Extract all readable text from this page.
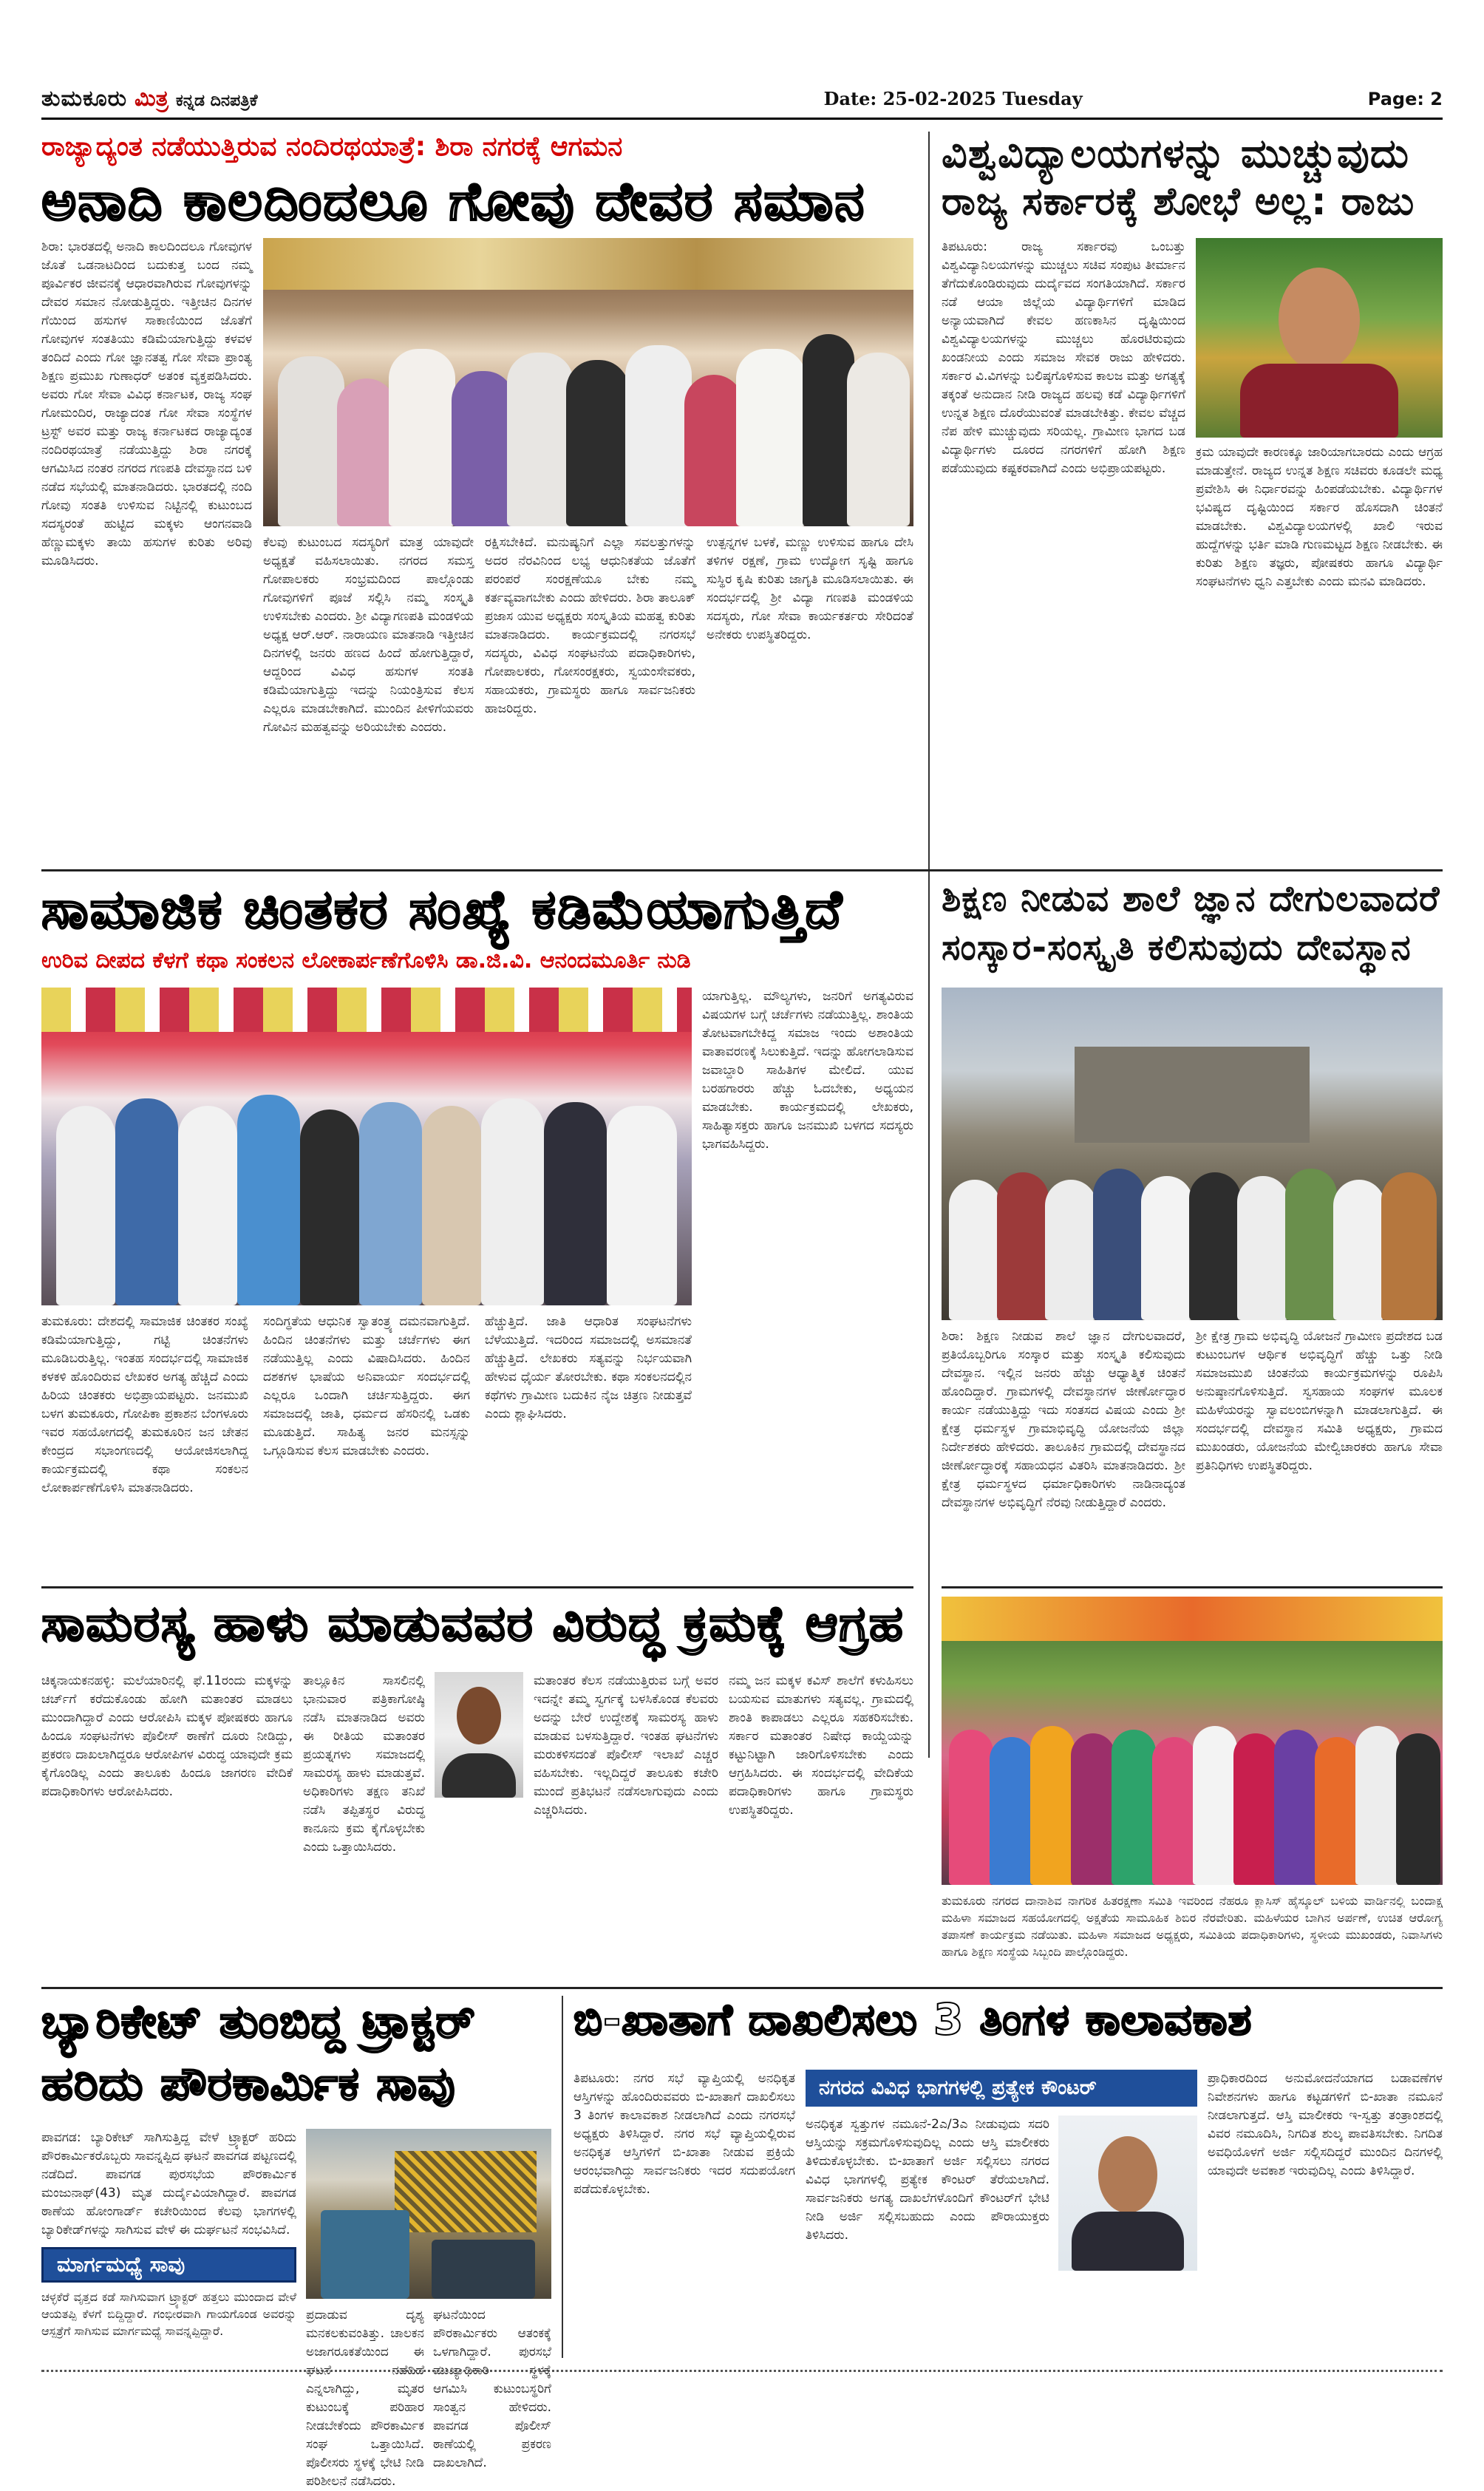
ತುಮಕೂರು ಮಿತ್ರ ಕನ್ನಡ ದಿನಪತ್ರಿಕೆ	Date: 25-02-2025 Tuesday	Page: 2
ರಾಜ್ಯಾದ್ಯಂತ ನಡೆಯುತ್ತಿರುವ ನಂದಿರಥಯಾತ್ರೆ: ಶಿರಾ ನಗರಕ್ಕೆ ಆಗಮನ
ಅನಾದಿ ಕಾಲದಿಂದಲೂ ಗೋವು ದೇವರ ಸಮಾನ
ಶಿರಾ: ಭಾರತದಲ್ಲಿ ಅನಾದಿ ಕಾಲದಿಂದಲೂ ಗೋವುಗಳ ಜೊತೆ ಒಡನಾಟದಿಂದ ಬದುಕುತ್ತ ಬಂದ ನಮ್ಮ ಪೂರ್ವಿಕರ ಜೀವನಕ್ಕೆ ಆಧಾರವಾಗಿರುವ ಗೋವುಗಳನ್ನು ದೇವರ ಸಮಾನ ನೋಡುತ್ತಿದ್ದರು. ಇತ್ತೀಚಿನ ದಿನಗಳ ಗೆಯಿಂದ ಹಸುಗಳ ಸಾಕಾಣಿಯಿಂದ ಜೊತೆಗೆ ಗೋವುಗಳ ಸಂತತಿಯು ಕಡಿಮೆಯಾಗುತ್ತಿದ್ದು ಕಳವಳ ತಂದಿದೆ ಎಂದು ಗೋ ಜ್ಞಾನತತ್ವ ಗೋ ಸೇವಾ ಪ್ರಾಂತ್ಯ ಶಿಕ್ಷಣ ಪ್ರಮುಖ ಗುಣಾಧರ್ ಅತಂಕ ವ್ಯಕ್ತಪಡಿಸಿದರು. ಅವರು ಗೋ ಸೇವಾ ವಿವಿಧ ಕರ್ನಾಟಕ, ರಾಜ್ಯ ಸಂಘ ಗೋಮಂದಿರ, ರಾಜ್ಯಾದಂತ ಗೋ ಸೇವಾ ಸಂಸ್ಥೆಗಳ ಟ್ರಸ್ಟ್ ಅವರ ಮತ್ತು ರಾಜ್ಯ ಕರ್ನಾಟಕದ ರಾಜ್ಯಾದ್ಯಂತ ನಂದಿರಥಯಾತ್ರೆ ನಡೆಯುತ್ತಿದ್ದು ಶಿರಾ ನಗರಕ್ಕೆ ಆಗಮಿಸಿದ ನಂತರ ನಗರದ ಗಣಪತಿ ದೇವಸ್ಥಾನದ ಬಳಿ ನಡೆದ ಸಭೆಯಲ್ಲಿ ಮಾತನಾಡಿದರು. ಭಾರತದಲ್ಲಿ ನಂದಿ ಗೋವು ಸಂತತಿ ಉಳಿಸುವ ನಿಟ್ಟಿನಲ್ಲಿ ಕುಟುಂಬದ ಸದಸ್ಯರಂತೆ ಹುಟ್ಟಿದ ಮಕ್ಕಳು ಆಂಗನವಾಡಿ ಹೆಣ್ಣುಮಕ್ಕಳು ತಾಯಿ ಹಸುಗಳ ಕುರಿತು ಅರಿವು ಮೂಡಿಸಿದರು.
ಕೆಲವು ಕುಟುಂಬದ ಸದಸ್ಯರಿಗೆ ಮಾತ್ರ ಯಾವುದೇ ಅಧ್ಯಕ್ಷತೆ ವಹಿಸಲಾಯಿತು. ನಗರದ ಸಮಸ್ತ ಗೋಪಾಲಕರು ಸಂಭ್ರಮದಿಂದ ಪಾಲ್ಗೊಂಡು ಗೋವುಗಳಿಗೆ ಪೂಜೆ ಸಲ್ಲಿಸಿ ನಮ್ಮ ಸಂಸ್ಕೃತಿ ಉಳಿಸಬೇಕು ಎಂದರು. ಶ್ರೀ ವಿದ್ಯಾಗಣಪತಿ ಮಂಡಳಿಯ ಅಧ್ಯಕ್ಷ ಆರ್.ಆರ್. ನಾರಾಯಣ ಮಾತನಾಡಿ ಇತ್ತೀಚಿನ ದಿನಗಳಲ್ಲಿ ಜನರು ಹಣದ ಹಿಂದೆ ಹೋಗುತ್ತಿದ್ದಾರೆ, ಆದ್ದರಿಂದ ವಿವಿಧ ಹಸುಗಳ ಸಂತತಿ ಕಡಿಮೆಯಾಗುತ್ತಿದ್ದು ಇದನ್ನು ನಿಯಂತ್ರಿಸುವ ಕೆಲಸ ಎಲ್ಲರೂ ಮಾಡಬೇಕಾಗಿದೆ. ಮುಂದಿನ ಪೀಳಿಗೆಯವರು ಗೋವಿನ ಮಹತ್ವವನ್ನು ಅರಿಯಬೇಕು ಎಂದರು.
ರಕ್ಷಿಸಬೇಕಿದೆ. ಮನುಷ್ಯನಿಗೆ ಎಲ್ಲಾ ಸವಲತ್ತುಗಳನ್ನು ಅದರ ನೆರವಿನಿಂದ ಲಭ್ಯ ಆಧುನಿಕತೆಯ ಜೊತೆಗೆ ಪರಂಪರೆ ಸಂರಕ್ಷಣೆಯೂ ಬೇಕು ನಮ್ಮ ಕರ್ತವ್ಯವಾಗಬೇಕು ಎಂದು ಹೇಳಿದರು. ಶಿರಾ ತಾಲೂಕ್ ಪ್ರಜಾಸ ಯುವ ಅಧ್ಯಕ್ಷರು ಸಂಸ್ಕೃತಿಯ ಮಹತ್ವ ಕುರಿತು ಮಾತನಾಡಿದರು. ಕಾರ್ಯಕ್ರಮದಲ್ಲಿ ನಗರಸಭೆ ಸದಸ್ಯರು, ವಿವಿಧ ಸಂಘಟನೆಯ ಪದಾಧಿಕಾರಿಗಳು, ಗೋಪಾಲಕರು, ಗೋಸಂರಕ್ಷಕರು, ಸ್ವಯಂಸೇವಕರು, ಸಹಾಯಕರು, ಗ್ರಾಮಸ್ಥರು ಹಾಗೂ ಸಾರ್ವಜನಿಕರು ಹಾಜರಿದ್ದರು.
ಉತ್ಪನ್ನಗಳ ಬಳಕೆ, ಮಣ್ಣು ಉಳಿಸುವ ಹಾಗೂ ದೇಸಿ ತಳಿಗಳ ರಕ್ಷಣೆ, ಗ್ರಾಮ ಉದ್ಯೋಗ ಸೃಷ್ಟಿ ಹಾಗೂ ಸುಸ್ಥಿರ ಕೃಷಿ ಕುರಿತು ಜಾಗೃತಿ ಮೂಡಿಸಲಾಯಿತು. ಈ ಸಂದರ್ಭದಲ್ಲಿ ಶ್ರೀ ವಿದ್ಯಾ ಗಣಪತಿ ಮಂಡಳಿಯ ಸದಸ್ಯರು, ಗೋ ಸೇವಾ ಕಾರ್ಯಕರ್ತರು ಸೇರಿದಂತೆ ಅನೇಕರು ಉಪಸ್ಥಿತರಿದ್ದರು.
ವಿಶ್ವವಿದ್ಯಾಲಯಗಳನ್ನು ಮುಚ್ಚುವುದು
ರಾಜ್ಯ ಸರ್ಕಾರಕ್ಕೆ ಶೋಭೆ ಅಲ್ಲ: ರಾಜು
ತಿಪಟೂರು: ರಾಜ್ಯ ಸರ್ಕಾರವು ಒಂಬತ್ತು ವಿಶ್ವವಿದ್ಯಾನಿಲಯಗಳನ್ನು ಮುಚ್ಚಲು ಸಚಿವ ಸಂಪುಟ ತೀರ್ಮಾನ ತೆಗೆದುಕೊಂಡಿರುವುದು ದುರ್ದೈವದ ಸಂಗತಿಯಾಗಿದೆ. ಸರ್ಕಾರ ನಡೆ ಆಯಾ ಜಿಲ್ಲೆಯ ವಿದ್ಯಾರ್ಥಿಗಳಿಗೆ ಮಾಡಿದ ಅನ್ಯಾಯವಾಗಿದೆ ಕೇವಲ ಹಣಕಾಸಿನ ದೃಷ್ಟಿಯಿಂದ ವಿಶ್ವವಿದ್ಯಾಲಯಗಳನ್ನು ಮುಚ್ಚಲು ಹೊರಟಿರುವುದು ಖಂಡನೀಯ ಎಂದು ಸಮಾಜ ಸೇವಕ ರಾಜು ಹೇಳಿದರು. ಸರ್ಕಾರ ವಿ.ವಿಗಳನ್ನು ಬಲಿಷ್ಠಗೊಳಿಸುವ ಕಾಲಜ ಮತ್ತು ಅಗತ್ಯಕ್ಕೆ ತಕ್ಕಂತೆ ಅನುದಾನ ನೀಡಿ ರಾಜ್ಯದ ಹಲವು ಕಡೆ ವಿದ್ಯಾರ್ಥಿಗಳಿಗೆ ಉನ್ನತ ಶಿಕ್ಷಣ ದೊರೆಯುವಂತೆ ಮಾಡಬೇಕಿತ್ತು. ಕೇವಲ ವೆಚ್ಚದ ನೆಪ ಹೇಳಿ ಮುಚ್ಚುವುದು ಸರಿಯಲ್ಲ. ಗ್ರಾಮೀಣ ಭಾಗದ ಬಡ ವಿದ್ಯಾರ್ಥಿಗಳು ದೂರದ ನಗರಗಳಿಗೆ ಹೋಗಿ ಶಿಕ್ಷಣ ಪಡೆಯುವುದು ಕಷ್ಟಕರವಾಗಿದೆ ಎಂದು ಅಭಿಪ್ರಾಯಪಟ್ಟರು.
ಕ್ರಮ ಯಾವುದೇ ಕಾರಣಕ್ಕೂ ಜಾರಿಯಾಗಬಾರದು ಎಂದು ಆಗ್ರಹ ಮಾಡುತ್ತೇನೆ. ರಾಜ್ಯದ ಉನ್ನತ ಶಿಕ್ಷಣ ಸಚಿವರು ಕೂಡಲೇ ಮಧ್ಯ ಪ್ರವೇಶಿಸಿ ಈ ನಿರ್ಧಾರವನ್ನು ಹಿಂಪಡೆಯಬೇಕು. ವಿದ್ಯಾರ್ಥಿಗಳ ಭವಿಷ್ಯದ ದೃಷ್ಟಿಯಿಂದ ಸರ್ಕಾರ ಹೊಸದಾಗಿ ಚಿಂತನೆ ಮಾಡಬೇಕು. ವಿಶ್ವವಿದ್ಯಾಲಯಗಳಲ್ಲಿ ಖಾಲಿ ಇರುವ ಹುದ್ದೆಗಳನ್ನು ಭರ್ತಿ ಮಾಡಿ ಗುಣಮಟ್ಟದ ಶಿಕ್ಷಣ ನೀಡಬೇಕು. ಈ ಕುರಿತು ಶಿಕ್ಷಣ ತಜ್ಞರು, ಪೋಷಕರು ಹಾಗೂ ವಿದ್ಯಾರ್ಥಿ ಸಂಘಟನೆಗಳು ಧ್ವನಿ ಎತ್ತಬೇಕು ಎಂದು ಮನವಿ ಮಾಡಿದರು.
ಸಾಮಾಜಿಕ ಚಿಂತಕರ ಸಂಖ್ಯೆ ಕಡಿಮೆಯಾಗುತ್ತಿದೆ
ಉರಿವ ದೀಪದ ಕೆಳಗೆ ಕಥಾ ಸಂಕಲನ ಲೋಕಾರ್ಪಣೆಗೊಳಿಸಿ ಡಾ.ಜಿ.ವಿ. ಆನಂದಮೂರ್ತಿ ನುಡಿ
ಯಾಗುತ್ತಿಲ್ಲ. ಮೌಲ್ಯಗಳು, ಜನರಿಗೆ ಅಗತ್ಯವಿರುವ ವಿಷಯಗಳ ಬಗ್ಗೆ ಚರ್ಚೆಗಳು ನಡೆಯುತ್ತಿಲ್ಲ. ಶಾಂತಿಯ ತೋಟವಾಗಬೇಕಿದ್ದ ಸಮಾಜ ಇಂದು ಅಶಾಂತಿಯ ವಾತಾವರಣಕ್ಕೆ ಸಿಲುಕುತ್ತಿದೆ. ಇದನ್ನು ಹೋಗಲಾಡಿಸುವ ಜವಾಬ್ದಾರಿ ಸಾಹಿತಿಗಳ ಮೇಲಿದೆ. ಯುವ ಬರಹಗಾರರು ಹೆಚ್ಚು ಓದಬೇಕು, ಅಧ್ಯಯನ ಮಾಡಬೇಕು. ಕಾರ್ಯಕ್ರಮದಲ್ಲಿ ಲೇಖಕರು, ಸಾಹಿತ್ಯಾಸಕ್ತರು ಹಾಗೂ ಜನಮುಖಿ ಬಳಗದ ಸದಸ್ಯರು ಭಾಗವಹಿಸಿದ್ದರು.
ತುಮಕೂರು: ದೇಶದಲ್ಲಿ ಸಾಮಾಜಿಕ ಚಿಂತಕರ ಸಂಖ್ಯೆ ಕಡಿಮೆಯಾಗುತ್ತಿದ್ದು, ಗಟ್ಟಿ ಚಿಂತನೆಗಳು ಮೂಡಿಬರುತ್ತಿಲ್ಲ. ಇಂತಹ ಸಂದರ್ಭದಲ್ಲಿ ಸಾಮಾಜಿಕ ಕಳಕಳಿ ಹೊಂದಿರುವ ಲೇಖಕರ ಅಗತ್ಯ ಹೆಚ್ಚಿದೆ ಎಂದು ಹಿರಿಯ ಚಿಂತಕರು ಅಭಿಪ್ರಾಯಪಟ್ಟರು. ಜನಮುಖಿ ಬಳಗ ತುಮಕೂರು, ಗೋಪಿಕಾ ಪ್ರಕಾಶನ ಬೆಂಗಳೂರು ಇವರ ಸಹಯೋಗದಲ್ಲಿ ತುಮಕೂರಿನ ಜನ ಚೇತನ ಕೇಂದ್ರದ ಸಭಾಂಗಣದಲ್ಲಿ ಆಯೋಜಿಸಲಾಗಿದ್ದ ಕಾರ್ಯಕ್ರಮದಲ್ಲಿ ಕಥಾ ಸಂಕಲನ ಲೋಕಾರ್ಪಣೆಗೊಳಿಸಿ ಮಾತನಾಡಿದರು.
ಸಂದಿಗ್ಧತೆಯ ಆಧುನಿಕ ಸ್ವಾತಂತ್ರ್ಯ ದಮನವಾಗುತ್ತಿದೆ. ಹಿಂದಿನ ಚಿಂತನೆಗಳು ಮತ್ತು ಚರ್ಚೆಗಳು ಈಗ ನಡೆಯುತ್ತಿಲ್ಲ ಎಂದು ವಿಷಾದಿಸಿದರು. ಹಿಂದಿನ ದಶಕಗಳ ಭಾಷೆಯ ಅನಿವಾರ್ಯ ಸಂದರ್ಭದಲ್ಲಿ ಎಲ್ಲರೂ ಒಂದಾಗಿ ಚರ್ಚಿಸುತ್ತಿದ್ದರು. ಈಗ ಸಮಾಜದಲ್ಲಿ ಜಾತಿ, ಧರ್ಮದ ಹೆಸರಿನಲ್ಲಿ ಒಡಕು ಮೂಡುತ್ತಿದೆ. ಸಾಹಿತ್ಯ ಜನರ ಮನಸ್ಸನ್ನು ಒಗ್ಗೂಡಿಸುವ ಕೆಲಸ ಮಾಡಬೇಕು ಎಂದರು.
ಹೆಚ್ಚುತ್ತಿದೆ. ಜಾತಿ ಆಧಾರಿತ ಸಂಘಟನೆಗಳು ಬೆಳೆಯುತ್ತಿದೆ. ಇದರಿಂದ ಸಮಾಜದಲ್ಲಿ ಅಸಮಾನತೆ ಹೆಚ್ಚುತ್ತಿದೆ. ಲೇಖಕರು ಸತ್ಯವನ್ನು ನಿರ್ಭಯವಾಗಿ ಹೇಳುವ ಧೈರ್ಯ ತೋರಬೇಕು. ಕಥಾ ಸಂಕಲನದಲ್ಲಿನ ಕಥೆಗಳು ಗ್ರಾಮೀಣ ಬದುಕಿನ ನೈಜ ಚಿತ್ರಣ ನೀಡುತ್ತವೆ ಎಂದು ಶ್ಲಾಘಿಸಿದರು.
ಶಿಕ್ಷಣ ನೀಡುವ ಶಾಲೆ ಜ್ಞಾನ ದೇಗುಲವಾದರೆ
ಸಂಸ್ಕಾರ-ಸಂಸ್ಕೃತಿ ಕಲಿಸುವುದು ದೇವಸ್ಥಾನ
ಶಿರಾ: ಶಿಕ್ಷಣ ನೀಡುವ ಶಾಲೆ ಜ್ಞಾನ ದೇಗುಲವಾದರೆ, ಪ್ರತಿಯೊಬ್ಬರಿಗೂ ಸಂಸ್ಕಾರ ಮತ್ತು ಸಂಸ್ಕೃತಿ ಕಲಿಸುವುದು ದೇವಸ್ಥಾನ. ಇಲ್ಲಿನ ಜನರು ಹೆಚ್ಚು ಆಧ್ಯಾತ್ಮಿಕ ಚಿಂತನೆ ಹೊಂದಿದ್ದಾರೆ. ಗ್ರಾಮಗಳಲ್ಲಿ ದೇವಸ್ಥಾನಗಳ ಜೀರ್ಣೋದ್ಧಾರ ಕಾರ್ಯ ನಡೆಯುತ್ತಿದ್ದು ಇದು ಸಂತಸದ ವಿಷಯ ಎಂದು ಶ್ರೀ ಕ್ಷೇತ್ರ ಧರ್ಮಸ್ಥಳ ಗ್ರಾಮಾಭಿವೃದ್ಧಿ ಯೋಜನೆಯ ಜಿಲ್ಲಾ ನಿರ್ದೇಶಕರು ಹೇಳಿದರು. ತಾಲೂಕಿನ ಗ್ರಾಮದಲ್ಲಿ ದೇವಸ್ಥಾನದ ಜೀರ್ಣೋದ್ಧಾರಕ್ಕೆ ಸಹಾಯಧನ ವಿತರಿಸಿ ಮಾತನಾಡಿದರು. ಶ್ರೀ ಕ್ಷೇತ್ರ ಧರ್ಮಸ್ಥಳದ ಧರ್ಮಾಧಿಕಾರಿಗಳು ನಾಡಿನಾದ್ಯಂತ ದೇವಸ್ಥಾನಗಳ ಅಭಿವೃದ್ಧಿಗೆ ನೆರವು ನೀಡುತ್ತಿದ್ದಾರೆ ಎಂದರು.
ಶ್ರೀ ಕ್ಷೇತ್ರ ಗ್ರಾಮ ಅಭಿವೃದ್ಧಿ ಯೋಜನೆ ಗ್ರಾಮೀಣ ಪ್ರದೇಶದ ಬಡ ಕುಟುಂಬಗಳ ಆರ್ಥಿಕ ಅಭಿವೃದ್ಧಿಗೆ ಹೆಚ್ಚು ಒತ್ತು ನೀಡಿ ಸಮಾಜಮುಖಿ ಚಿಂತನೆಯ ಕಾರ್ಯಕ್ರಮಗಳನ್ನು ರೂಪಿಸಿ ಅನುಷ್ಠಾನಗೊಳಿಸುತ್ತಿದೆ. ಸ್ವಸಹಾಯ ಸಂಘಗಳ ಮೂಲಕ ಮಹಿಳೆಯರನ್ನು ಸ್ವಾವಲಂಬಿಗಳನ್ನಾಗಿ ಮಾಡಲಾಗುತ್ತಿದೆ. ಈ ಸಂದರ್ಭದಲ್ಲಿ ದೇವಸ್ಥಾನ ಸಮಿತಿ ಅಧ್ಯಕ್ಷರು, ಗ್ರಾಮದ ಮುಖಂಡರು, ಯೋಜನೆಯ ಮೇಲ್ವಿಚಾರಕರು ಹಾಗೂ ಸೇವಾ ಪ್ರತಿನಿಧಿಗಳು ಉಪಸ್ಥಿತರಿದ್ದರು.
ಸಾಮರಸ್ಯ ಹಾಳು ಮಾಡುವವರ ವಿರುದ್ಧ ಕ್ರಮಕ್ಕೆ ಆಗ್ರಹ
ಚಿಕ್ಕನಾಯಕನಹಳ್ಳಿ: ಮಲೆಯಾರಿನಲ್ಲಿ ಫೆ.11ರಂದು ಮಕ್ಕಳನ್ನು ಚರ್ಚ್‌ಗೆ ಕರೆದುಕೊಂಡು ಹೋಗಿ ಮತಾಂತರ ಮಾಡಲು ಮುಂದಾಗಿದ್ದಾರೆ ಎಂದು ಆರೋಪಿಸಿ ಮಕ್ಕಳ ಪೋಷಕರು ಹಾಗೂ ಹಿಂದೂ ಸಂಘಟನೆಗಳು ಪೊಲೀಸ್ ಠಾಣೆಗೆ ದೂರು ನೀಡಿದ್ದು, ಪ್ರಕರಣ ದಾಖಲಾಗಿದ್ದರೂ ಆರೋಪಿಗಳ ವಿರುದ್ಧ ಯಾವುದೇ ಕ್ರಮ ಕೈಗೊಂಡಿಲ್ಲ ಎಂದು ತಾಲೂಕು ಹಿಂದೂ ಜಾಗರಣ ವೇದಿಕೆ ಪದಾಧಿಕಾರಿಗಳು ಆರೋಪಿಸಿದರು.
ತಾಲ್ಲೂಕಿನ ಸಾಸಲಿನಲ್ಲಿ ಭಾನುವಾರ ಪತ್ರಿಕಾಗೋಷ್ಠಿ ನಡೆಸಿ ಮಾತನಾಡಿದ ಅವರು ಈ ರೀತಿಯ ಮತಾಂತರ ಪ್ರಯತ್ನಗಳು ಸಮಾಜದಲ್ಲಿ ಸಾಮರಸ್ಯ ಹಾಳು ಮಾಡುತ್ತವೆ. ಅಧಿಕಾರಿಗಳು ತಕ್ಷಣ ತನಿಖೆ ನಡೆಸಿ ತಪ್ಪಿತಸ್ಥರ ವಿರುದ್ಧ ಕಾನೂನು ಕ್ರಮ ಕೈಗೊಳ್ಳಬೇಕು ಎಂದು ಒತ್ತಾಯಿಸಿದರು.
ಮತಾಂತರ ಕೆಲಸ ನಡೆಯುತ್ತಿರುವ ಬಗ್ಗೆ ಅವರ ಇದನ್ನೇ ತಮ್ಮ ಸ್ವರ್ಗಕ್ಕೆ ಬಳಸಿಕೊಂಡ ಕೆಲವರು ಅದನ್ನು ಬೇರೆ ಉದ್ದೇಶಕ್ಕೆ ಸಾಮರಸ್ಯ ಹಾಳು ಮಾಡುವ ಬಳಸುತ್ತಿದ್ದಾರೆ. ಇಂತಹ ಘಟನೆಗಳು ಮರುಕಳಿಸದಂತೆ ಪೊಲೀಸ್ ಇಲಾಖೆ ಎಚ್ಚರ ವಹಿಸಬೇಕು. ಇಲ್ಲದಿದ್ದರೆ ತಾಲೂಕು ಕಚೇರಿ ಮುಂದೆ ಪ್ರತಿಭಟನೆ ನಡೆಸಲಾಗುವುದು ಎಂದು ಎಚ್ಚರಿಸಿದರು.
ನಮ್ಮ ಜನ ಮಕ್ಕಳ ಕವಿಸ್ ಶಾಲೆಗೆ ಕಳುಹಿಸಲು ಬಯಸುವ ಮಾತುಗಳು ಸತ್ಯವಲ್ಲ. ಗ್ರಾಮದಲ್ಲಿ ಶಾಂತಿ ಕಾಪಾಡಲು ಎಲ್ಲರೂ ಸಹಕರಿಸಬೇಕು. ಸರ್ಕಾರ ಮತಾಂತರ ನಿಷೇಧ ಕಾಯ್ದೆಯನ್ನು ಕಟ್ಟುನಿಟ್ಟಾಗಿ ಜಾರಿಗೊಳಿಸಬೇಕು ಎಂದು ಆಗ್ರಹಿಸಿದರು. ಈ ಸಂದರ್ಭದಲ್ಲಿ ವೇದಿಕೆಯ ಪದಾಧಿಕಾರಿಗಳು ಹಾಗೂ ಗ್ರಾಮಸ್ಥರು ಉಪಸ್ಥಿತರಿದ್ದರು.
ತುಮಕೂರು ನಗರದ ದಾನಾಶಿವ ನಾಗರಿಕ ಹಿತರಕ್ಷಣಾ ಸಮಿತಿ ಇವರಿಂದ ನೆಹರೂ ಕ್ಲಾಸಿಸ್ ಹೈಸ್ಕೂಲ್ ಬಳಿಯ ವಾರ್ಡಿನಲ್ಲಿ ಬಂದಾಕ್ಷ ಮಹಿಳಾ ಸಮಾಜದ ಸಹಯೋಗದಲ್ಲಿ ಅಕ್ಷತೆಯ ಸಾಮೂಹಿಕ ಶಿಬಿರ ನೆರವೇರಿತು. ಮಹಿಳೆಯರ ಬಾಗಿನ ಅರ್ಪಣೆ, ಉಚಿತ ಆರೋಗ್ಯ ತಪಾಸಣೆ ಕಾರ್ಯಕ್ರಮ ನಡೆಯಿತು. ಮಹಿಳಾ ಸಮಾಜದ ಅಧ್ಯಕ್ಷರು, ಸಮಿತಿಯ ಪದಾಧಿಕಾರಿಗಳು, ಸ್ಥಳೀಯ ಮುಖಂಡರು, ನಿವಾಸಿಗಳು ಹಾಗೂ ಶಿಕ್ಷಣ ಸಂಸ್ಥೆಯ ಸಿಬ್ಬಂದಿ ಪಾಲ್ಗೊಂಡಿದ್ದರು.
ಬ್ಯಾರಿಕೇಟ್ ತುಂಬಿದ್ದ ಟ್ರಾಕ್ಟರ್
ಹರಿದು ಪೌರಕಾರ್ಮಿಕ ಸಾವು
ಪಾವಗಡ: ಬ್ಯಾರಿಕೇಟ್ ಸಾಗಿಸುತ್ತಿದ್ದ ವೇಳೆ ಟ್ರ್ಯಾಕ್ಟರ್ ಹರಿದು ಪೌರಕಾರ್ಮಿಕರೊಬ್ಬರು ಸಾವನ್ನಪ್ಪಿದ ಘಟನೆ ಪಾವಗಡ ಪಟ್ಟಣದಲ್ಲಿ ನಡೆದಿದೆ. ಪಾವಗಡ ಪುರಸಭೆಯ ಪೌರಕಾರ್ಮಿಕ ಮಂಜುನಾಥ್(43) ಮೃತ ದುರ್ದೈವಿಯಾಗಿದ್ದಾರೆ. ಪಾವಗಡ ಠಾಣೆಯ ಹೋಂಗಾರ್ಡ್ ಕಚೇರಿಯಿಂದ ಕೆಲವು ಭಾಗಗಳಲ್ಲಿ ಬ್ಯಾರಿಕೇಡ್‌ಗಳನ್ನು ಸಾಗಿಸುವ ವೇಳೆ ಈ ದುರ್ಘಟನೆ ಸಂಭವಿಸಿದೆ.
ಪ್ರದಾಡುವ ದೃಶ್ಯ ಮನಕಲಕುವಂತಿತ್ತು. ಚಾಲಕನ ಅಜಾಗರೂಕತೆಯಿಂದ ಈ ಘಟನೆ ನಡೆದಿದೆ ಎನ್ನಲಾಗಿದ್ದು, ಮೃತರ ಕುಟುಂಬಕ್ಕೆ ಪರಿಹಾರ ನೀಡಬೇಕೆಂದು ಪೌರಕಾರ್ಮಿಕ ಸಂಘ ಒತ್ತಾಯಿಸಿದೆ. ಪೊಲೀಸರು ಸ್ಥಳಕ್ಕೆ ಭೇಟಿ ನೀಡಿ ಪರಿಶೀಲನೆ ನಡೆಸಿದರು.
ಘಟನೆಯಿಂದ ಪೌರಕಾರ್ಮಿಕರು ಆತಂಕಕ್ಕೆ ಒಳಗಾಗಿದ್ದಾರೆ. ಪುರಸಭೆ ಮುಖ್ಯಾಧಿಕಾರಿ ಸ್ಥಳಕ್ಕೆ ಆಗಮಿಸಿ ಕುಟುಂಬಸ್ಥರಿಗೆ ಸಾಂತ್ವನ ಹೇಳಿದರು. ಪಾವಗಡ ಪೊಲೀಸ್ ಠಾಣೆಯಲ್ಲಿ ಪ್ರಕರಣ ದಾಖಲಾಗಿದೆ.
ಮಾರ್ಗಮಧ್ಯೆ ಸಾವು
ಚಳ್ಳಕೆರೆ ವೃತ್ತದ ಕಡೆ ಸಾಗಿಸುವಾಗ ಟ್ರ್ಯಾಕ್ಟರ್ ಹತ್ತಲು ಮುಂದಾದ ವೇಳೆ ಆಯತಪ್ಪಿ ಕೆಳಗೆ ಬಿದ್ದಿದ್ದಾರೆ. ಗಂಭೀರವಾಗಿ ಗಾಯಗೊಂಡ ಅವರನ್ನು ಆಸ್ಪತ್ರೆಗೆ ಸಾಗಿಸುವ ಮಾರ್ಗಮಧ್ಯೆ ಸಾವನ್ನಪ್ಪಿದ್ದಾರೆ.
ಬಿ-ಖಾತಾಗೆ ದಾಖಲಿಸಲು 3 ತಿಂಗಳ ಕಾಲಾವಕಾಶ
ತಿಪಟೂರು: ನಗರ ಸಭೆ ವ್ಯಾಪ್ತಿಯಲ್ಲಿ ಅನಧಿಕೃತ ಆಸ್ತಿಗಳನ್ನು ಹೊಂದಿರುವವರು ಬಿ-ಖಾತಾಗೆ ದಾಖಲಿಸಲು 3 ತಿಂಗಳ ಕಾಲಾವಕಾಶ ನೀಡಲಾಗಿದೆ ಎಂದು ನಗರಸಭೆ ಅಧ್ಯಕ್ಷರು ತಿಳಿಸಿದ್ದಾರೆ. ನಗರ ಸಭೆ ವ್ಯಾಪ್ತಿಯಲ್ಲಿರುವ ಅನಧಿಕೃತ ಆಸ್ತಿಗಳಿಗೆ ಬಿ-ಖಾತಾ ನೀಡುವ ಪ್ರಕ್ರಿಯೆ ಆರಂಭವಾಗಿದ್ದು ಸಾರ್ವಜನಿಕರು ಇದರ ಸದುಪಯೋಗ ಪಡೆದುಕೊಳ್ಳಬೇಕು.
ನಗರದ ವಿವಿಧ ಭಾಗಗಳಲ್ಲಿ ಪ್ರತ್ಯೇಕ ಕೌಂಟರ್
ಅನಧಿಕೃತ ಸ್ವತ್ತುಗಳ ನಮೂನೆ-2ಎ/3ಎ ನೀಡುವುದು ಸದರಿ ಆಸ್ತಿಯನ್ನು ಸಕ್ರಮಗೊಳಿಸುವುದಿಲ್ಲ ಎಂದು ಆಸ್ತಿ ಮಾಲೀಕರು ತಿಳಿದುಕೊಳ್ಳಬೇಕು. ಬಿ-ಖಾತಾಗೆ ಅರ್ಜಿ ಸಲ್ಲಿಸಲು ನಗರದ ವಿವಿಧ ಭಾಗಗಳಲ್ಲಿ ಪ್ರತ್ಯೇಕ ಕೌಂಟರ್ ತೆರೆಯಲಾಗಿದೆ. ಸಾರ್ವಜನಿಕರು ಅಗತ್ಯ ದಾಖಲೆಗಳೊಂದಿಗೆ ಕೌಂಟರ್‌ಗೆ ಭೇಟಿ ನೀಡಿ ಅರ್ಜಿ ಸಲ್ಲಿಸಬಹುದು ಎಂದು ಪೌರಾಯುಕ್ತರು ತಿಳಿಸಿದರು.
ಪ್ರಾಧಿಕಾರದಿಂದ ಅನುಮೋದನೆಯಾಗದ ಬಡಾವಣೆಗಳ ನಿವೇಶನಗಳು ಹಾಗೂ ಕಟ್ಟಡಗಳಿಗೆ ಬಿ-ಖಾತಾ ನಮೂನೆ ನೀಡಲಾಗುತ್ತದೆ. ಆಸ್ತಿ ಮಾಲೀಕರು ಇ-ಸ್ವತ್ತು ತಂತ್ರಾಂಶದಲ್ಲಿ ವಿವರ ನಮೂದಿಸಿ, ನಿಗದಿತ ಶುಲ್ಕ ಪಾವತಿಸಬೇಕು. ನಿಗದಿತ ಅವಧಿಯೊಳಗೆ ಅರ್ಜಿ ಸಲ್ಲಿಸದಿದ್ದರೆ ಮುಂದಿನ ದಿನಗಳಲ್ಲಿ ಯಾವುದೇ ಅವಕಾಶ ಇರುವುದಿಲ್ಲ ಎಂದು ತಿಳಿಸಿದ್ದಾರೆ.
